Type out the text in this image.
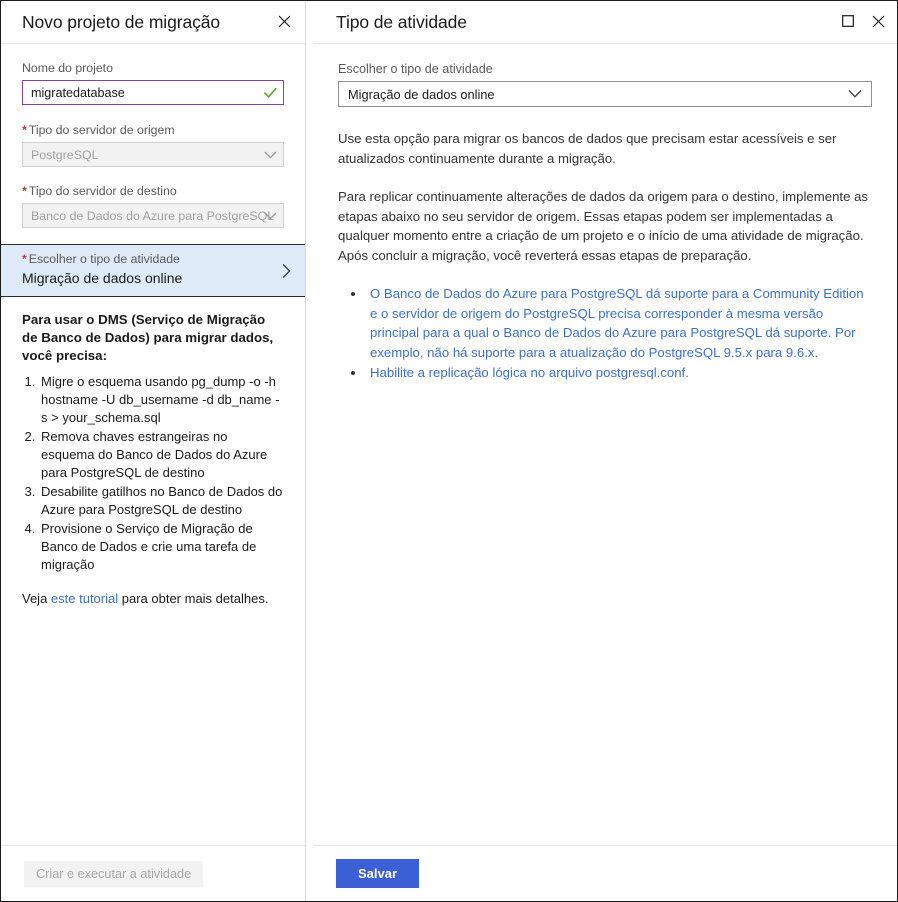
Novo projeto de migração
Nome do projeto
migratedatabase
* Tipo do servidor de origem
PostgreSQL
* Tipo do servidor de destino
Banco de Dados do Azure para PostgreSQL
* Escolher o tipo de atividade
Migração de dados online
Para usar o DMS (Serviço de Migração de Banco de Dados) para migrar dados, você precisa:
1. Migre o esquema usando pg_dump -o -h hostname -U db_username -d db_name -s > your_schema.sql
2. Remova chaves estrangeiras no esquema do Banco de Dados do Azure para PostgreSQL de destino
3. Desabilite gatilhos no Banco de Dados do Azure para PostgreSQL de destino
4. Provisione o Serviço de Migração de Banco de Dados e crie uma tarefa de migração
Veja este tutorial para obter mais detalhes.
Criar e executar a atividade
Tipo de atividade
Escolher o tipo de atividade
Migração de dados online

Use esta opção para migrar os bancos de dados que precisam estar acessíveis e ser atualizados continuamente durante a migração.

Para replicar continuamente alterações de dados da origem para o destino, implemente as etapas abaixo no seu servidor de origem. Essas etapas podem ser implementadas a qualquer momento entre a criação de um projeto e o início de uma atividade de migração. Após concluir a migração, você reverterá essas etapas de preparação.

• O Banco de Dados do Azure para PostgreSQL dá suporte para a Community Edition e o servidor de origem do PostgreSQL precisa corresponder à mesma versão principal para a qual o Banco de Dados do Azure para PostgreSQL dá suporte. Por exemplo, não há suporte para a atualização do PostgreSQL 9.5.x para 9.6.x.
• Habilite a replicação lógica no arquivo postgresql.conf.
Salvar
